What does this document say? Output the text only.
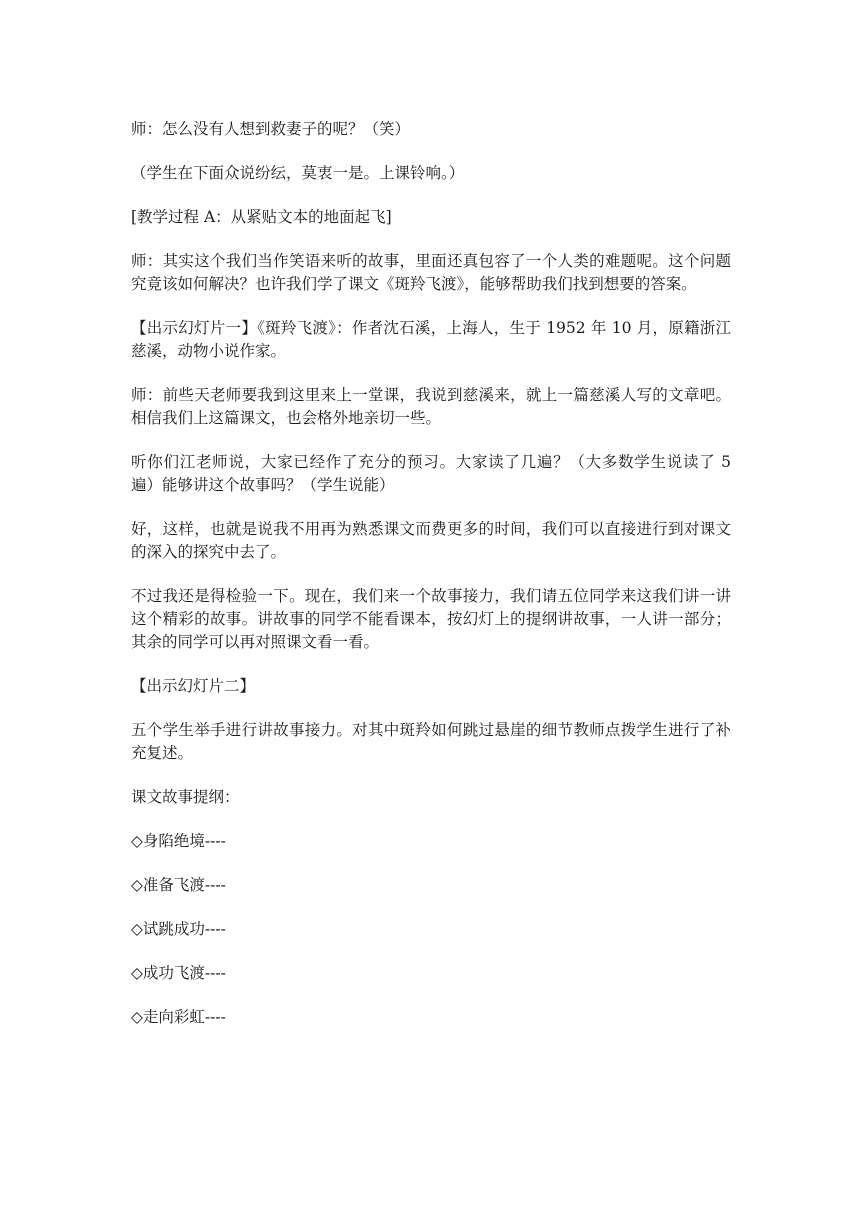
师：怎么没有人想到救妻子的呢？（笑）

（学生在下面众说纷纭，莫衷一是。上课铃响。）

[教学过程 A：从紧贴文本的地面起飞]

师：其实这个我们当作笑语来听的故事，里面还真包容了一个人类的难题呢。这个问题究竟该如何解决？也许我们学了课文《斑羚飞渡》，能够帮助我们找到想要的答案。

【出示幻灯片一】《斑羚飞渡》：作者沈石溪，上海人，生于 1952 年 10 月，原籍浙江慈溪，动物小说作家。

师：前些天老师要我到这里来上一堂课，我说到慈溪来，就上一篇慈溪人写的文章吧。相信我们上这篇课文，也会格外地亲切一些。

听你们江老师说，大家已经作了充分的预习。大家读了几遍？（大多数学生说读了 5 遍）能够讲这个故事吗？（学生说能）

好，这样，也就是说我不用再为熟悉课文而费更多的时间，我们可以直接进行到对课文的深入的探究中去了。

不过我还是得检验一下。现在，我们来一个故事接力，我们请五位同学来这我们讲一讲这个精彩的故事。讲故事的同学不能看课本，按幻灯上的提纲讲故事，一人讲一部分；其余的同学可以再对照课文看一看。

【出示幻灯片二】

五个学生举手进行讲故事接力。对其中斑羚如何跳过悬崖的细节教师点拨学生进行了补充复述。

课文故事提纲：

◇身陷绝境----

◇准备飞渡----

◇试跳成功----

◇成功飞渡----

◇走向彩虹----
